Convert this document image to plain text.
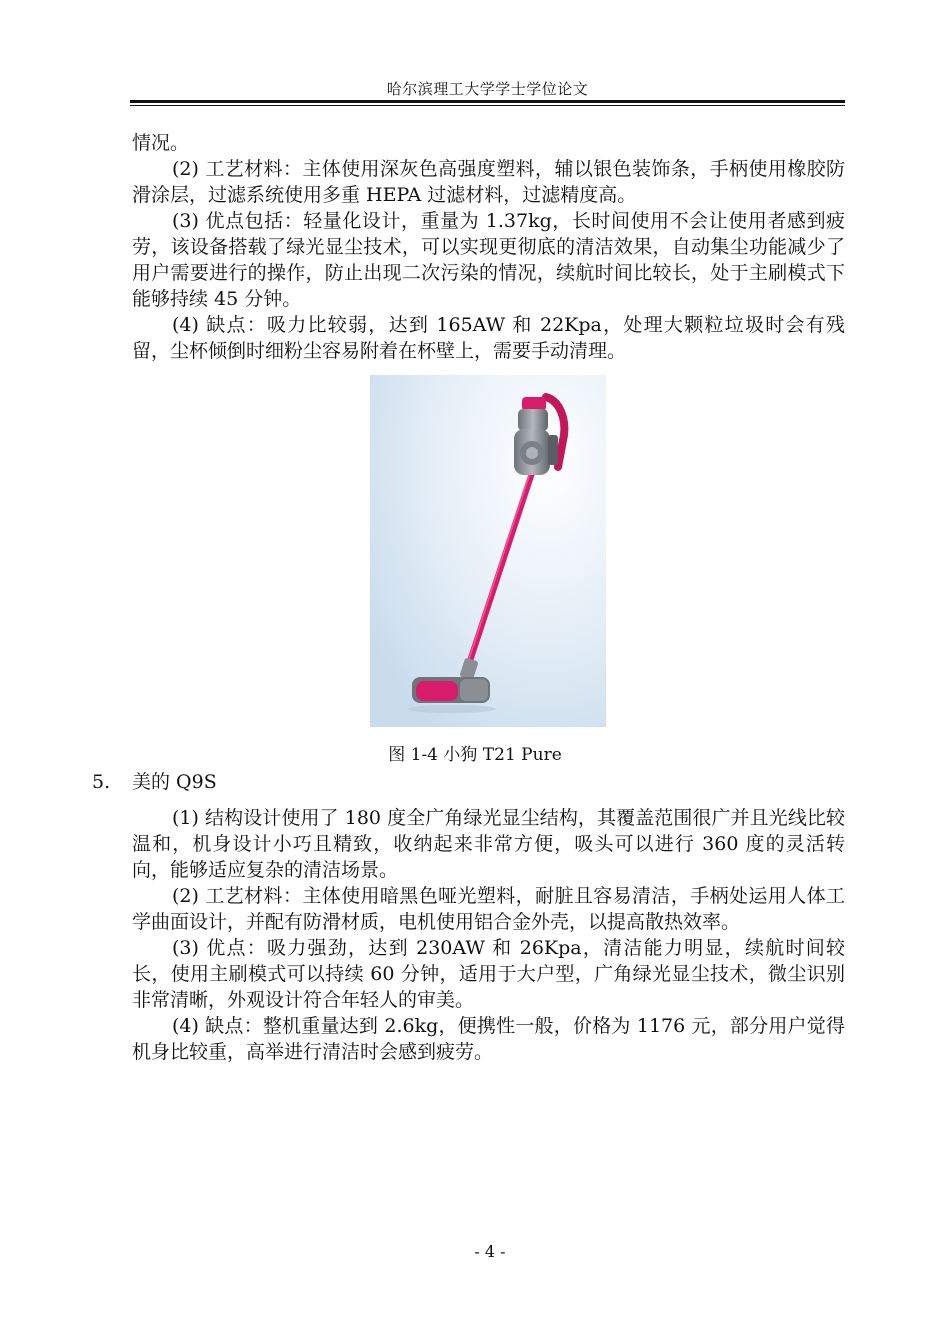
哈尔滨理工大学学士学位论文

情况。

(2) 工艺材料：主体使用深灰色高强度塑料，辅以银色装饰条，手柄使用橡胶防滑涂层，过滤系统使用多重 HEPA 过滤材料，过滤精度高。

(3) 优点包括：轻量化设计，重量为 1.37kg，长时间使用不会让使用者感到疲劳，该设备搭载了绿光显尘技术，可以实现更彻底的清洁效果，自动集尘功能减少了用户需要进行的操作，防止出现二次污染的情况，续航时间比较长，处于主刷模式下能够持续 45 分钟。

(4) 缺点：吸力比较弱，达到 165AW 和 22Kpa，处理大颗粒垃圾时会有残留，尘杯倾倒时细粉尘容易附着在杯壁上，需要手动清理。

图 1-4 小狗 T21 Pure
5. 美的 Q9S

(1) 结构设计使用了 180 度全广角绿光显尘结构，其覆盖范围很广并且光线比较温和，机身设计小巧且精致，收纳起来非常方便，吸头可以进行 360 度的灵活转向，能够适应复杂的清洁场景。

(2) 工艺材料：主体使用暗黑色哑光塑料，耐脏且容易清洁，手柄处运用人体工学曲面设计，并配有防滑材质，电机使用铝合金外壳，以提高散热效率。

(3) 优点：吸力强劲，达到 230AW 和 26Kpa，清洁能力明显，续航时间较长，使用主刷模式可以持续 60 分钟，适用于大户型，广角绿光显尘技术，微尘识别非常清晰，外观设计符合年轻人的审美。

(4) 缺点：整机重量达到 2.6kg，便携性一般，价格为 1176 元，部分用户觉得机身比较重，高举进行清洁时会感到疲劳。

- 4 -
